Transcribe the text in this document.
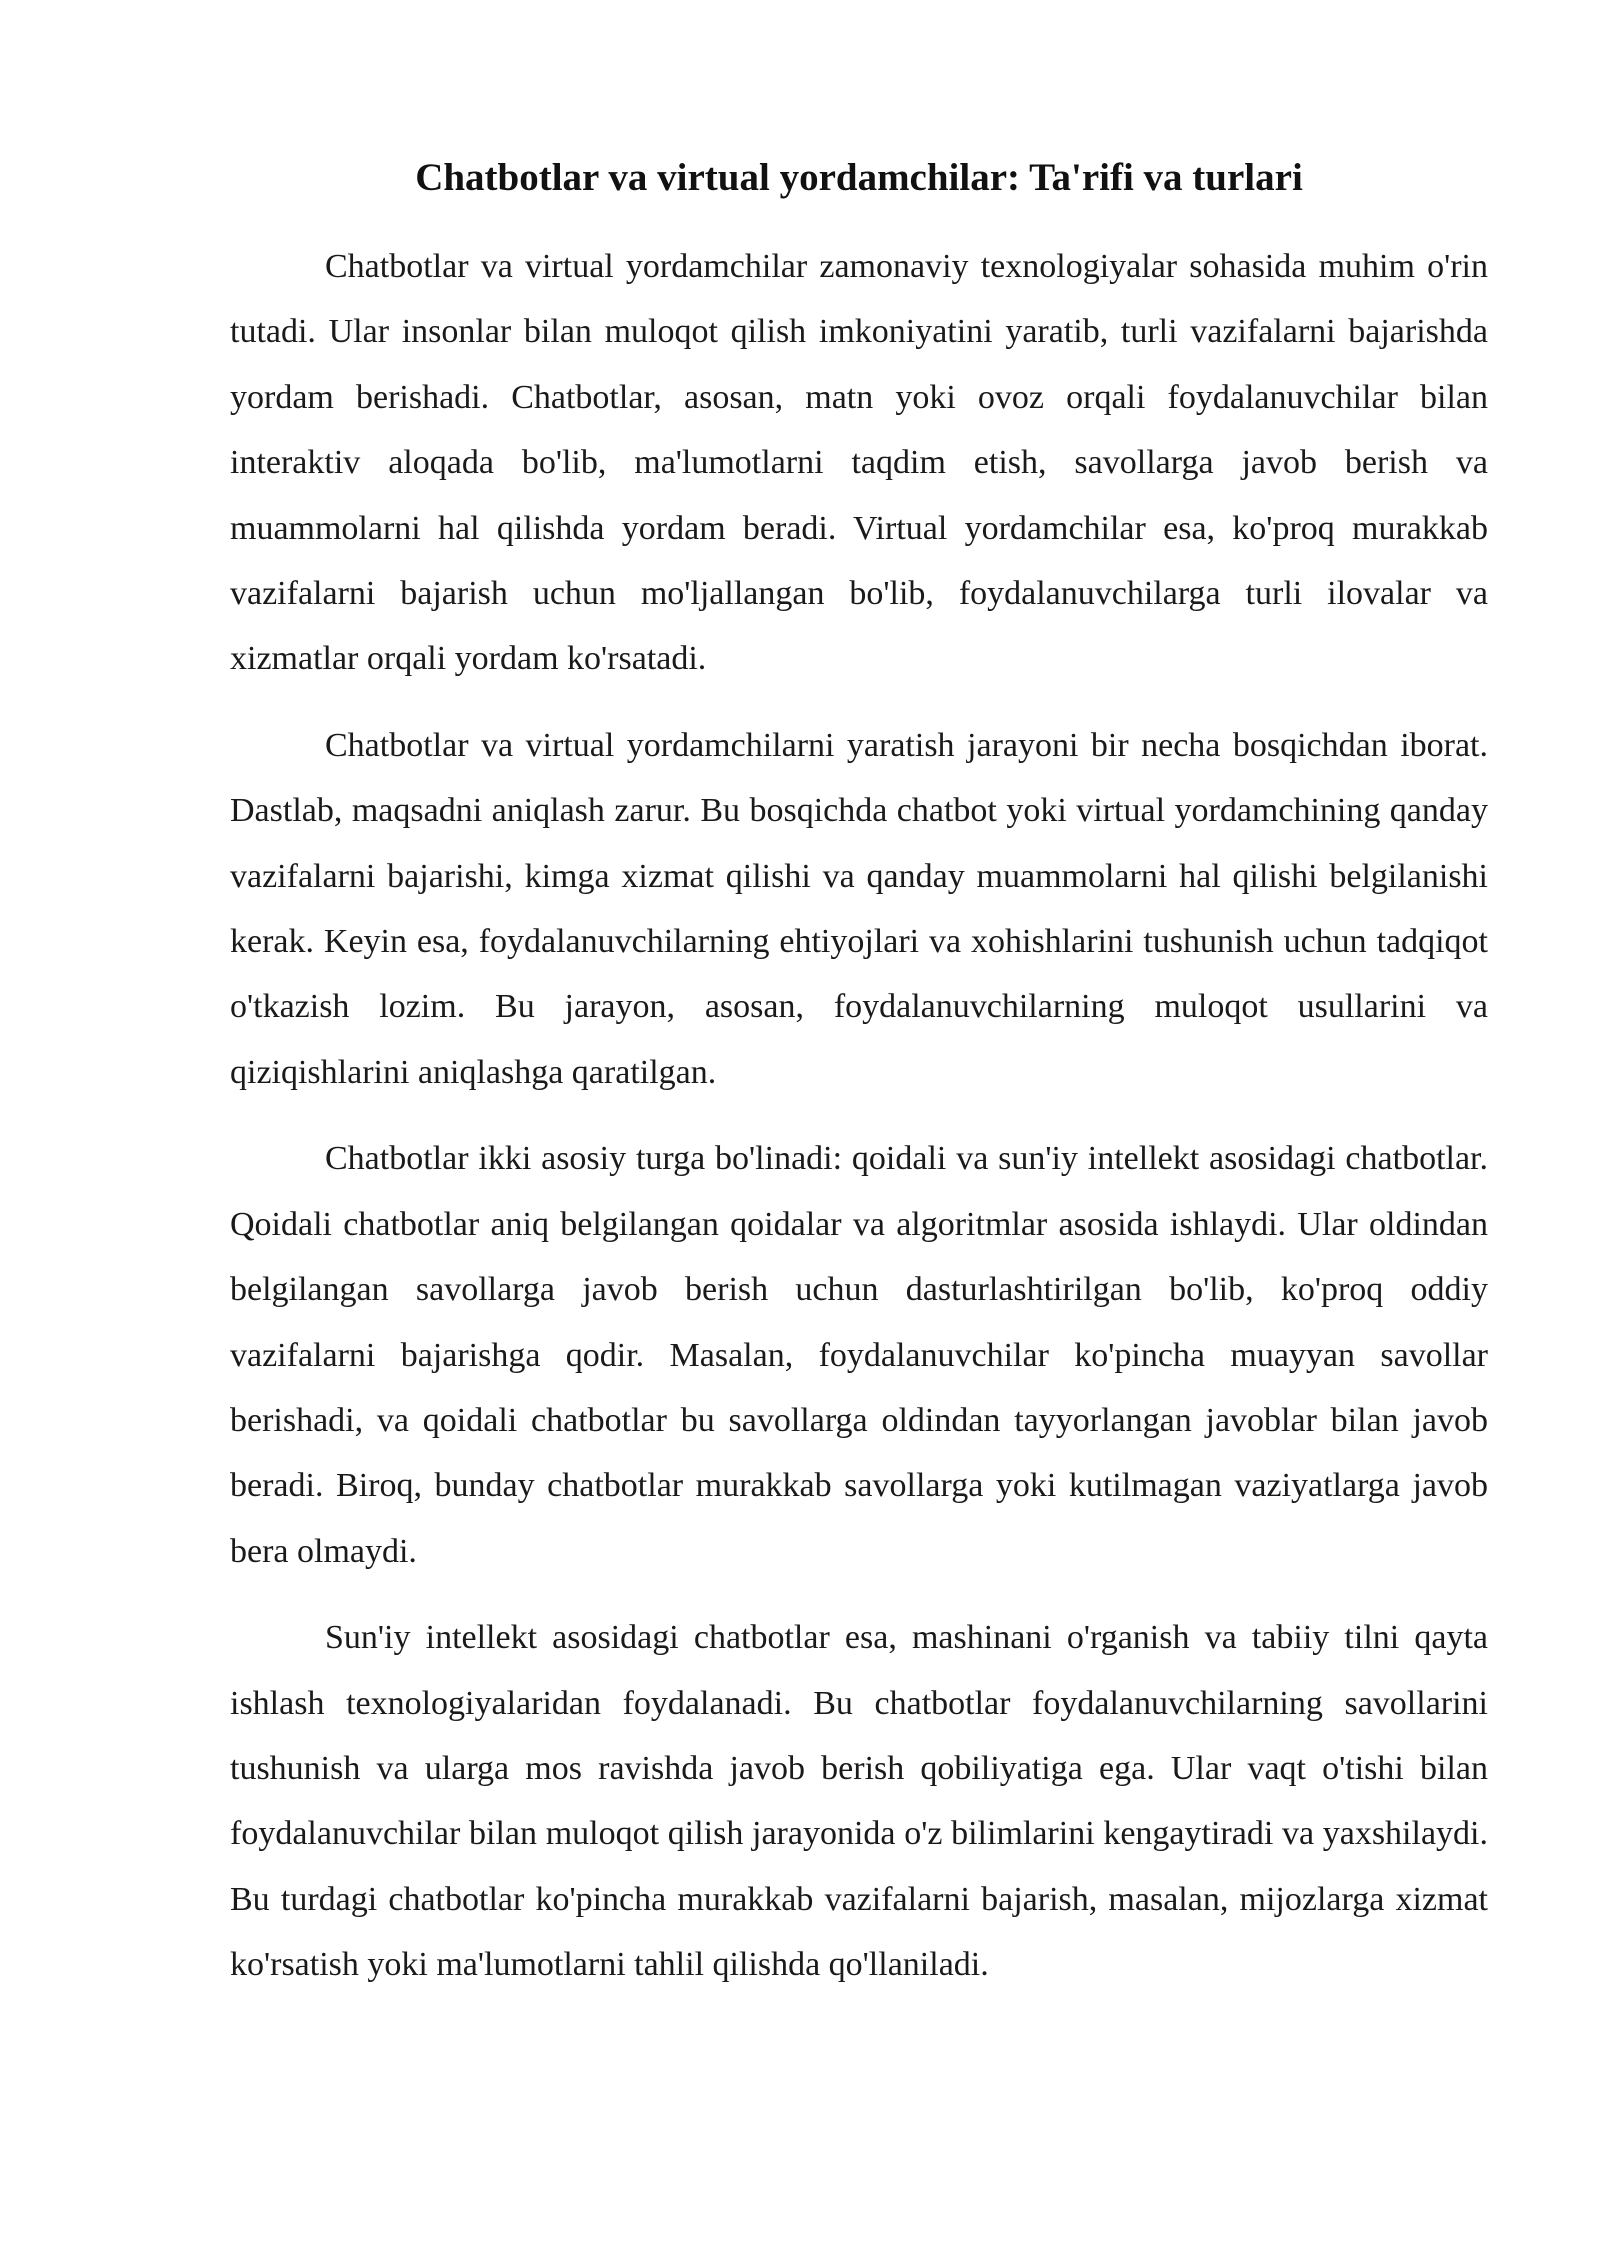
Chatbotlar va virtual yordamchilar: Ta'rifi va turlari

Chatbotlar va virtual yordamchilar zamonaviy texnologiyalar sohasida muhim o'rin tutadi. Ular insonlar bilan muloqot qilish imkoniyatini yaratib, turli vazifalarni bajarishda yordam berishadi. Chatbotlar, asosan, matn yoki ovoz orqali foydalanuvchilar bilan interaktiv aloqada bo'lib, ma'lumotlarni taqdim etish, savollarga javob berish va muammolarni hal qilishda yordam beradi. Virtual yordamchilar esa, ko'proq murakkab vazifalarni bajarish uchun mo'ljallangan bo'lib, foydalanuvchilarga turli ilovalar va xizmatlar orqali yordam ko'rsatadi.

Chatbotlar va virtual yordamchilarni yaratish jarayoni bir necha bosqichdan iborat. Dastlab, maqsadni aniqlash zarur. Bu bosqichda chatbot yoki virtual yordamchining qanday vazifalarni bajarishi, kimga xizmat qilishi va qanday muammolarni hal qilishi belgilanishi kerak. Keyin esa, foydalanuvchilarning ehtiyojlari va xohishlarini tushunish uchun tadqiqot o'tkazish lozim. Bu jarayon, asosan, foydalanuvchilarning muloqot usullarini va qiziqishlarini aniqlashga qaratilgan.

Chatbotlar ikki asosiy turga bo'linadi: qoidali va sun'iy intellekt asosidagi chatbotlar. Qoidali chatbotlar aniq belgilangan qoidalar va algoritmlar asosida ishlaydi. Ular oldindan belgilangan savollarga javob berish uchun dasturlashtirilgan bo'lib, ko'proq oddiy vazifalarni bajarishga qodir. Masalan, foydalanuvchilar ko'pincha muayyan savollar berishadi, va qoidali chatbotlar bu savollarga oldindan tayyorlangan javoblar bilan javob beradi. Biroq, bunday chatbotlar murakkab savollarga yoki kutilmagan vaziyatlarga javob bera olmaydi.

Sun'iy intellekt asosidagi chatbotlar esa, mashinani o'rganish va tabiiy tilni qayta ishlash texnologiyalaridan foydalanadi. Bu chatbotlar foydalanuvchilarning savollarini tushunish va ularga mos ravishda javob berish qobiliyatiga ega. Ular vaqt o'tishi bilan foydalanuvchilar bilan muloqot qilish jarayonida o'z bilimlarini kengaytiradi va yaxshilaydi. Bu turdagi chatbotlar ko'pincha murakkab vazifalarni bajarish, masalan, mijozlarga xizmat ko'rsatish yoki ma'lumotlarni tahlil qilishda qo'llaniladi.
